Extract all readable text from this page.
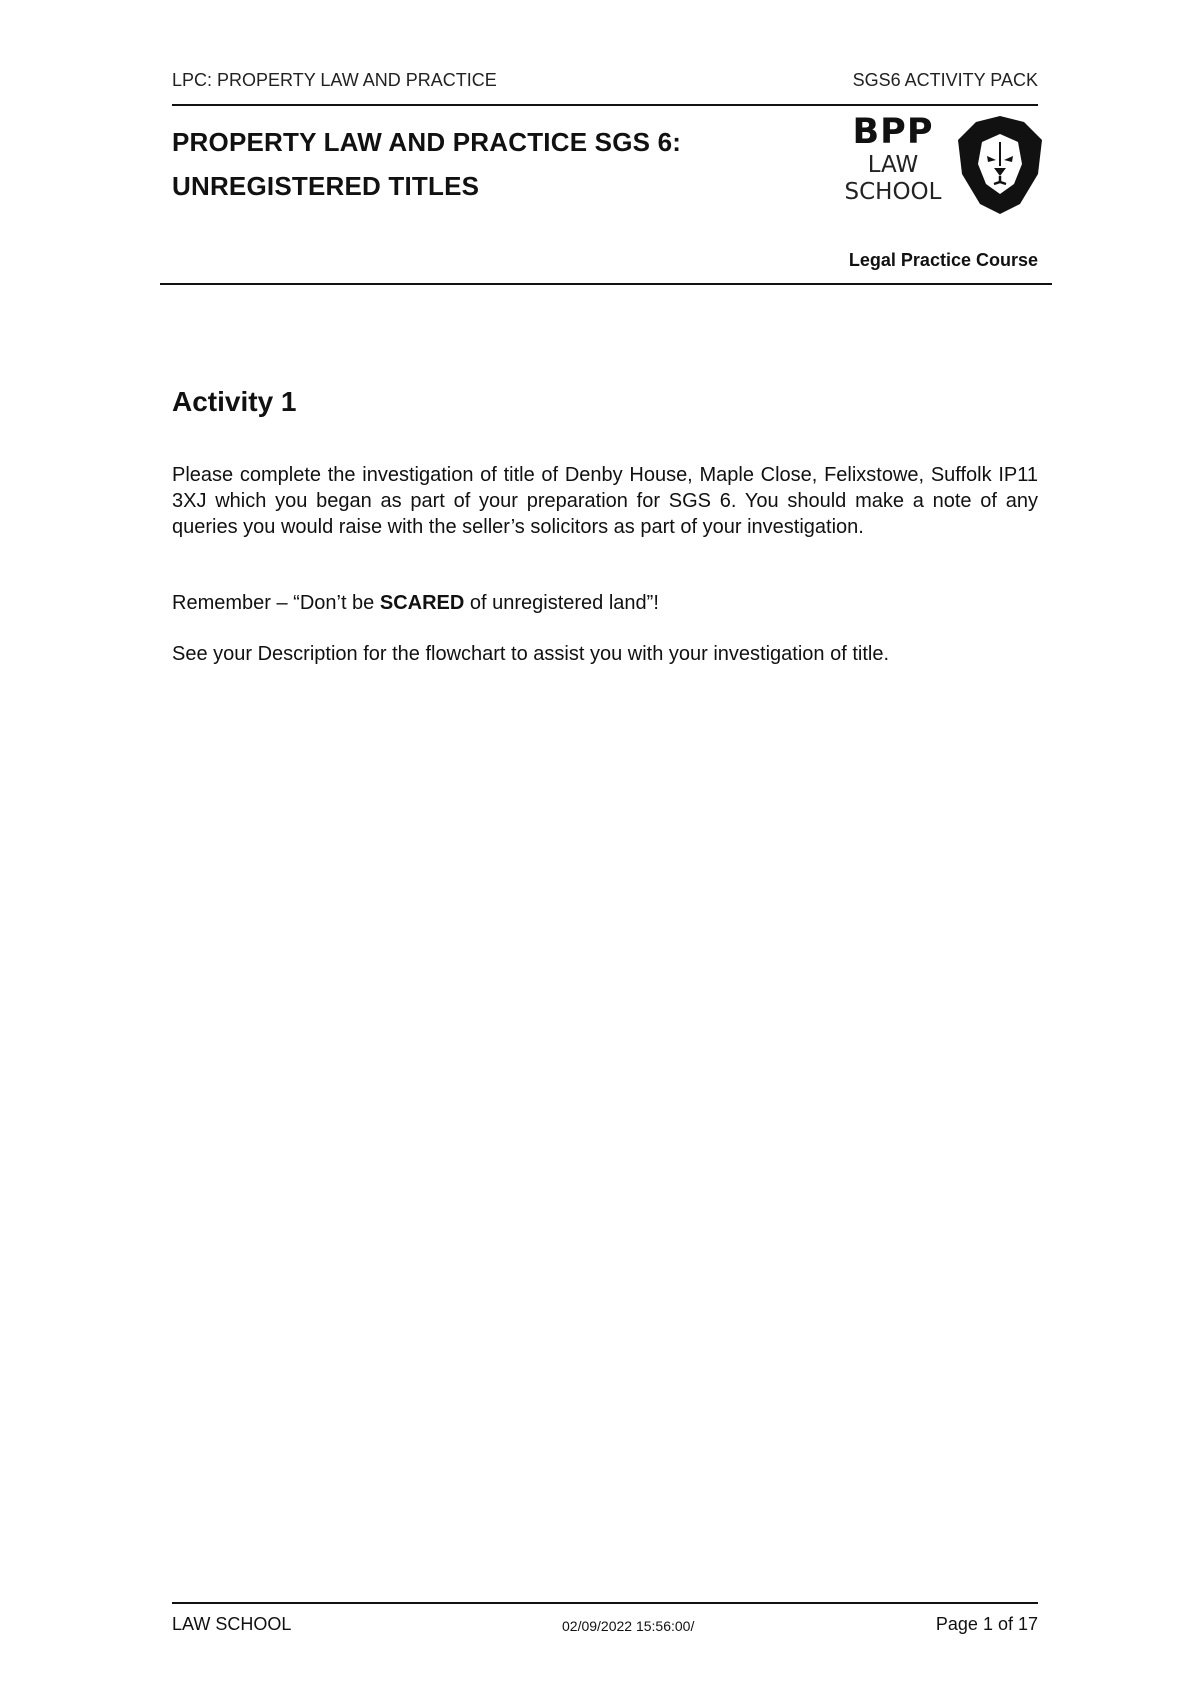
LPC: PROPERTY LAW AND PRACTICE	SGS6 ACTIVITY PACK
PROPERTY LAW AND PRACTICE SGS 6:
UNREGISTERED TITLES
BPP
LAW
SCHOOL
Legal Practice Course
Activity 1

Please complete the investigation of title of Denby House, Maple Close, Felixstowe, Suffolk IP11 3XJ which you began as part of your preparation for SGS 6. You should make a note of any queries you would raise with the seller’s solicitors as part of your investigation.

Remember – “Don’t be SCARED of unregistered land”!

See your Description for the flowchart to assist you with your investigation of title.

LAW SCHOOL	02/09/2022 15:56:00/	Page 1 of 17
